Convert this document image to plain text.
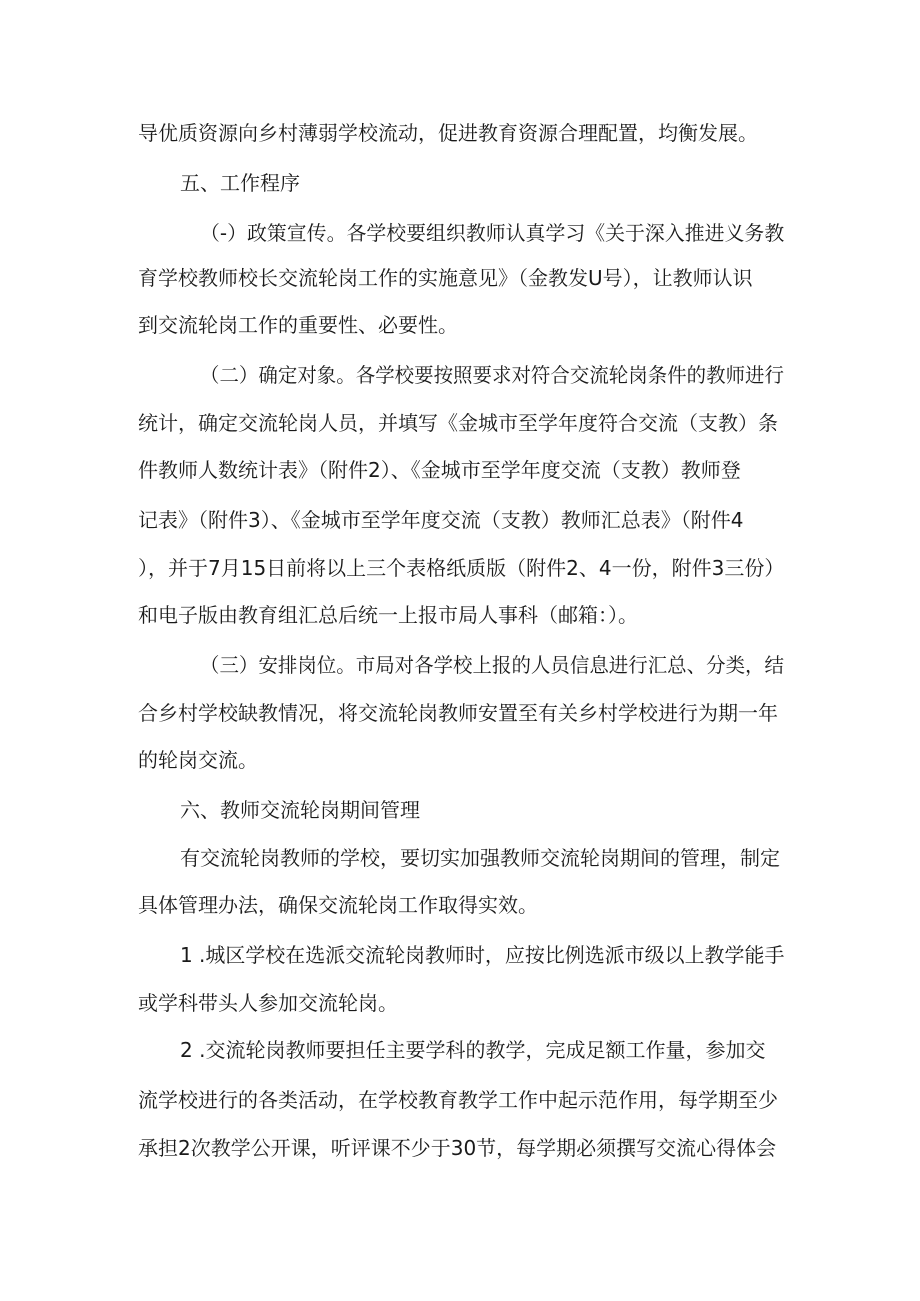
导优质资源向乡村薄弱学校流动，促进教育资源合理配置，均衡发展。
五、工作程序
（-）政策宣传。各学校要组织教师认真学习《关于深入推进义务教
育学校教师校长交流轮岗工作的实施意见》（金教发U号），让教师认识
到交流轮岗工作的重要性、必要性。
（二）确定对象。各学校要按照要求对符合交流轮岗条件的教师进行
统计，确定交流轮岗人员，并填写《金城市至学年度符合交流（支教）条
件教师人数统计表》（附件2）、《金城市至学年度交流（支教）教师登
记表》（附件3）、《金城市至学年度交流（支教）教师汇总表》（附件4
），并于7月15日前将以上三个表格纸质版（附件2、4一份，附件3三份）
和电子版由教育组汇总后统一上报市局人事科（邮箱：）。
（三）安排岗位。市局对各学校上报的人员信息进行汇总、分类，结
合乡村学校缺教情况，将交流轮岗教师安置至有关乡村学校进行为期一年
的轮岗交流。
六、教师交流轮岗期间管理
有交流轮岗教师的学校，要切实加强教师交流轮岗期间的管理，制定
具体管理办法，确保交流轮岗工作取得实效。
1 .城区学校在选派交流轮岗教师时，应按比例选派市级以上教学能手
或学科带头人参加交流轮岗。
2 .交流轮岗教师要担任主要学科的教学，完成足额工作量，参加交
流学校进行的各类活动，在学校教育教学工作中起示范作用，每学期至少
承担2次教学公开课，听评课不少于30节，每学期必须撰写交流心得体会
